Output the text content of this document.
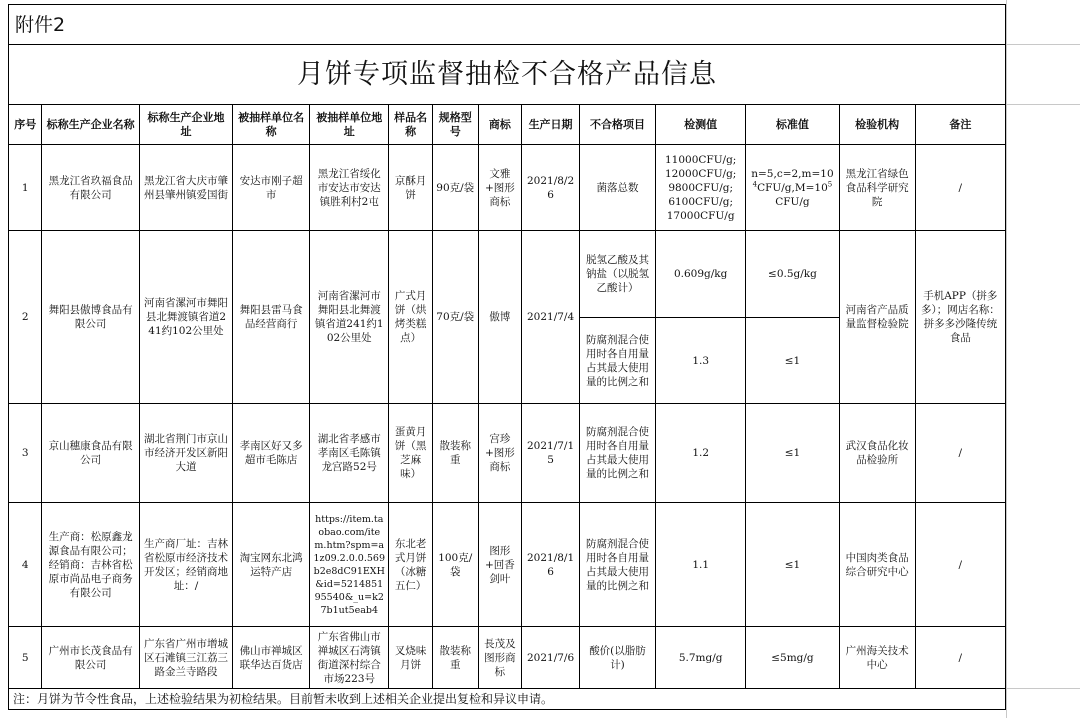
附件2
月饼专项监督抽检不合格产品信息
序号	标称生产企业名称	标称生产企业地址	被抽样单位名称	被抽样单位地址	样品名称	规格型号	商标	生产日期	不合格项目	检测值	标准值	检验机构	备注
1	黑龙江省玖福食品有限公司	黑龙江省大庆市肇州县肇州镇爱国街	安达市刚子超市	黑龙江省绥化市安达市安达镇胜利村2屯	京酥月饼	90克/袋	文雅+图形商标	2021/8/26	菌落总数	11000CFU/g;
12000CFU/g;
9800CFU/g;
6100CFU/g;
17000CFU/g	$n=5,c=2,m=10^4CFU/g,M=10^5CFU/g$	黑龙江省绿色食品科学研究院	/
2	舞阳县傲博食品有限公司	河南省漯河市舞阳县北舞渡镇省道241约102公里处	舞阳县雷马食品经营商行	河南省漯河市舞阳县北舞渡镇省道241约102公里处	广式月饼（烘烤类糕点）	70克/袋	傲博	2021/7/4	脱氢乙酸及其钠盐（以脱氢乙酸计）	0.609g/kg	≤0.5g/kg	河南省产品质量监督检验院	手机APP（拼多多）；网店名称：拼多多沙隆传统食品
									防腐剂混合使用时各自用量占其最大使用量的比例之和	1.3	≤1		
3	京山穗康食品有限公司	湖北省荆门市京山市经济开发区新阳大道	孝南区好又多超市毛陈店	湖北省孝感市孝南区毛陈镇龙宫路52号	蛋黄月饼（黑芝麻味）	散装称重	宫珍+图形商标	2021/7/15	防腐剂混合使用时各自用量占其最大使用量的比例之和	1.2	≤1	武汉食品化妆品检验所	/
4	生产商：松原鑫龙源食品有限公司；经销商：吉林省松原市尚品电子商务有限公司	生产商厂址：吉林省松原市经济技术开发区；经销商地址：/	淘宝网东北鸿运特产店	https://item.taobao.com/item.htm?spm=a1z09.2.0.0.569b2e8dC91EXH&id=521485195540&_u=k27b1ut5eab4	东北老式月饼（冰糖五仁）	100克/袋	图形+回香剑叶	2021/8/16	防腐剂混合使用时各自用量占其最大使用量的比例之和	1.1	≤1	中国肉类食品综合研究中心	/
5	广州市长茂食品有限公司	广东省广州市增城区石滩镇三江荔三路金兰寺路段	佛山市禅城区联华达百货店	广东省佛山市禅城区石湾镇街道深村综合市场223号	叉烧味月饼	散装称重	長茂及图形商标	2021/7/6	酸价(以脂肪计)	5.7mg/g	≤5mg/g	广州海关技术中心	/
注：月饼为节令性食品，上述检验结果为初检结果。目前暂未收到上述相关企业提出复检和异议申请。
